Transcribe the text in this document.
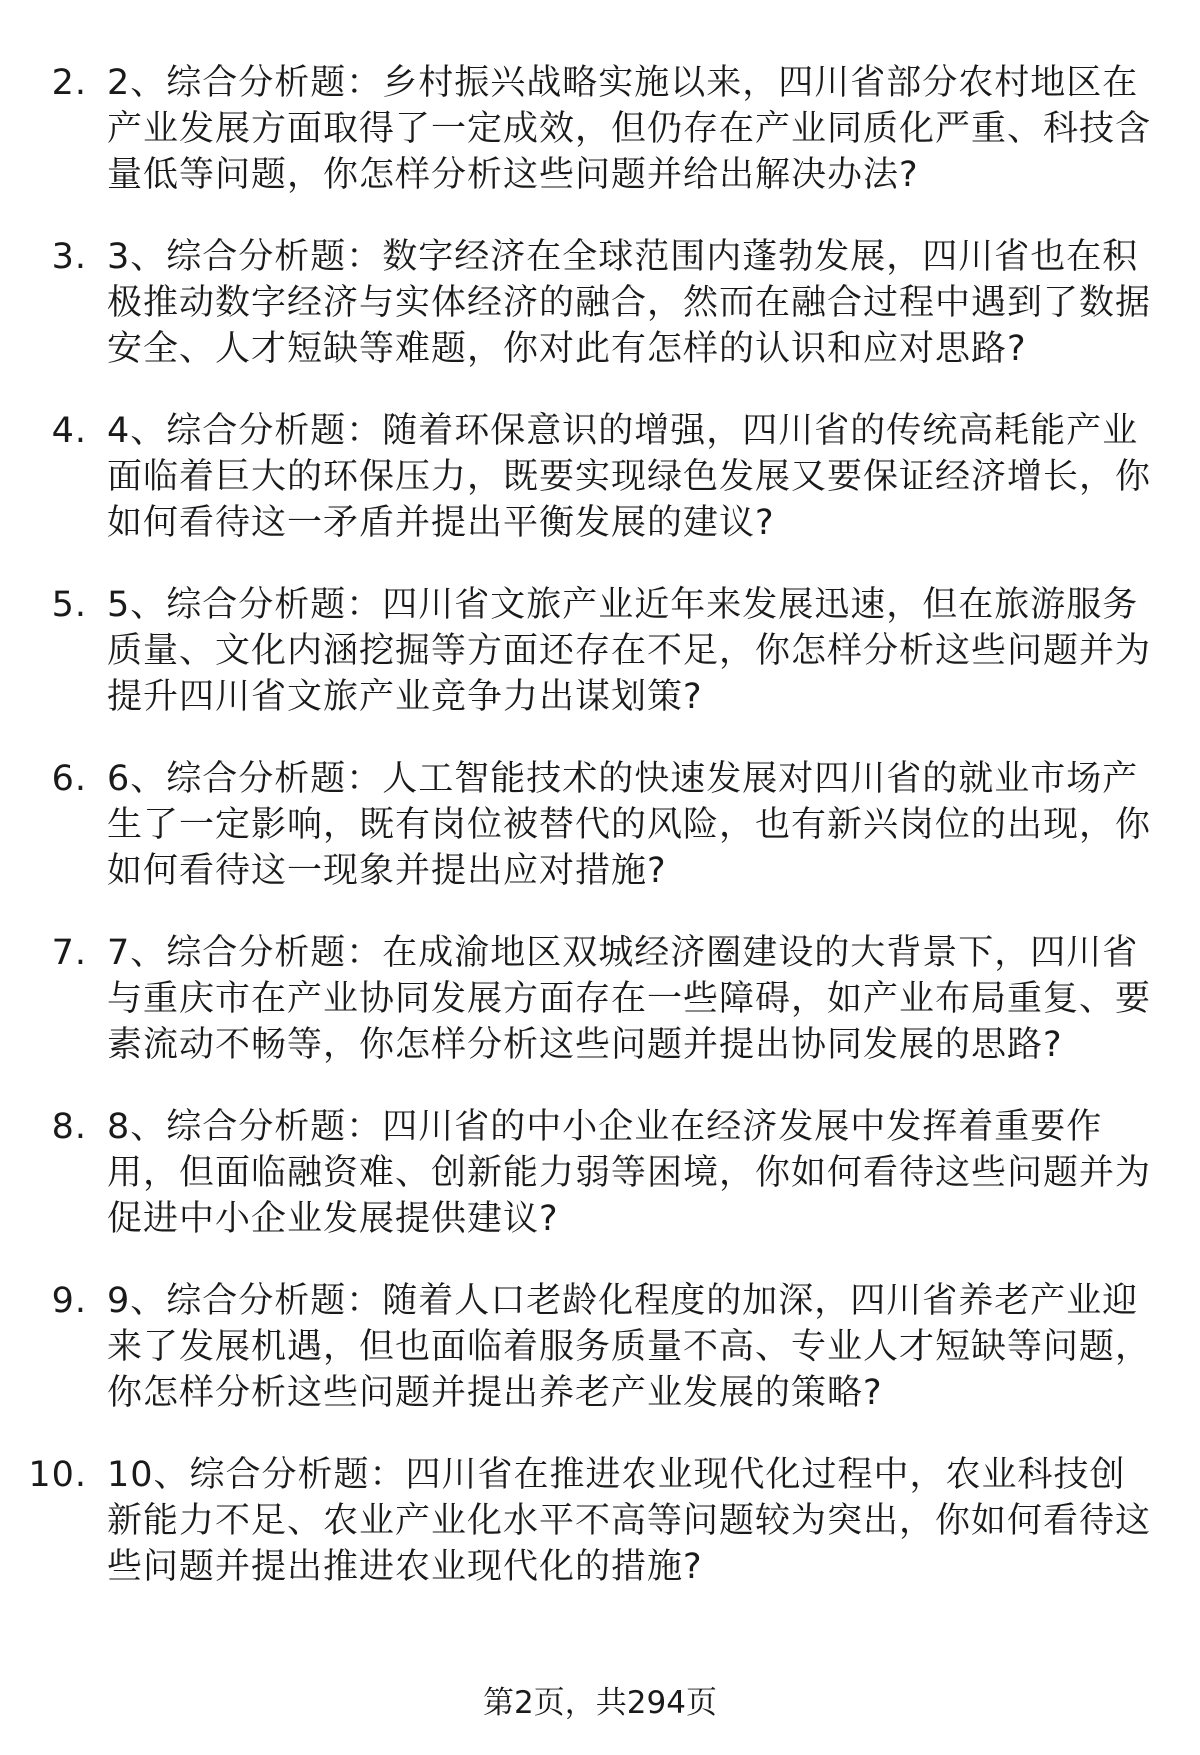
2. 2、综合分析题：乡村振兴战略实施以来，四川省部分农村地区在产业发展方面取得了一定成效，但仍存在产业同质化严重、科技含量低等问题，你怎样分析这些问题并给出解决办法?
3. 3、综合分析题：数字经济在全球范围内蓬勃发展，四川省也在积极推动数字经济与实体经济的融合，然而在融合过程中遇到了数据安全、人才短缺等难题，你对此有怎样的认识和应对思路?
4. 4、综合分析题：随着环保意识的增强，四川省的传统高耗能产业面临着巨大的环保压力，既要实现绿色发展又要保证经济增长，你如何看待这一矛盾并提出平衡发展的建议?
5. 5、综合分析题：四川省文旅产业近年来发展迅速，但在旅游服务质量、文化内涵挖掘等方面还存在不足，你怎样分析这些问题并为提升四川省文旅产业竞争力出谋划策?
6. 6、综合分析题：人工智能技术的快速发展对四川省的就业市场产生了一定影响，既有岗位被替代的风险，也有新兴岗位的出现，你如何看待这一现象并提出应对措施?
7. 7、综合分析题：在成渝地区双城经济圈建设的大背景下，四川省与重庆市在产业协同发展方面存在一些障碍，如产业布局重复、要素流动不畅等，你怎样分析这些问题并提出协同发展的思路?
8. 8、综合分析题：四川省的中小企业在经济发展中发挥着重要作用，但面临融资难、创新能力弱等困境，你如何看待这些问题并为促进中小企业发展提供建议?
9. 9、综合分析题：随着人口老龄化程度的加深，四川省养老产业迎来了发展机遇，但也面临着服务质量不高、专业人才短缺等问题，你怎样分析这些问题并提出养老产业发展的策略?
10. 10、综合分析题：四川省在推进农业现代化过程中，农业科技创新能力不足、农业产业化水平不高等问题较为突出，你如何看待这些问题并提出推进农业现代化的措施?
第2页，共294页
